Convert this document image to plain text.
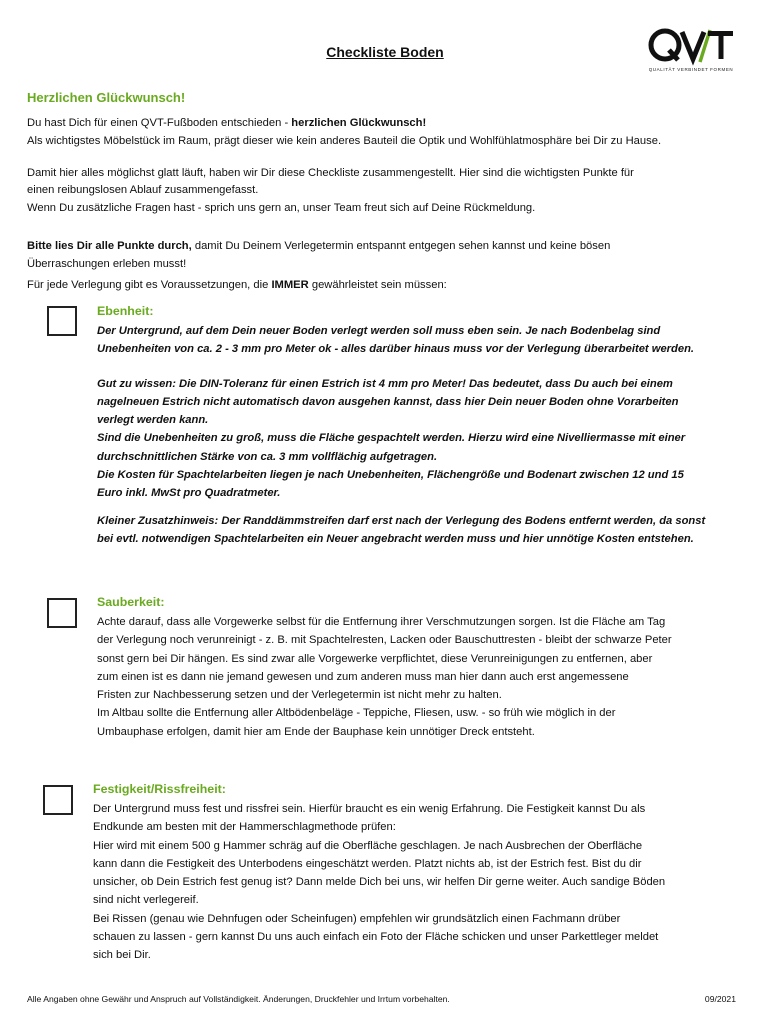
Checkliste Boden
QUALITÄT VERBINDET FORMEN
Herzlichen Glückwunsch!
Du hast Dich für einen QVT-Fußboden entschieden - herzlichen Glückwunsch!
Als wichtigstes Möbelstück im Raum, prägt dieser wie kein anderes Bauteil die Optik und Wohlfühlatmosphäre bei Dir zu Hause.
Damit hier alles möglichst glatt läuft, haben wir Dir diese Checkliste zusammengestellt. Hier sind die wichtigsten Punkte für
einen reibungslosen Ablauf zusammengefasst.
Wenn Du zusätzliche Fragen hast - sprich uns gern an, unser Team freut sich auf Deine Rückmeldung.
Bitte lies Dir alle Punkte durch, damit Du Deinem Verlegetermin entspannt entgegen sehen kannst und keine bösen
Überraschungen erleben musst!
Für jede Verlegung gibt es Voraussetzungen, die IMMER gewährleistet sein müssen:
Ebenheit:
Der Untergrund, auf dem Dein neuer Boden verlegt werden soll muss eben sein. Je nach Bodenbelag sind
Unebenheiten von ca. 2 - 3 mm pro Meter ok - alles darüber hinaus muss vor der Verlegung überarbeitet werden.
Gut zu wissen: Die DIN-Toleranz für einen Estrich ist 4 mm pro Meter! Das bedeutet, dass Du auch bei einem
nagelneuen Estrich nicht automatisch davon ausgehen kannst, dass hier Dein neuer Boden ohne Vorarbeiten
verlegt werden kann.
Sind die Unebenheiten zu groß, muss die Fläche gespachtelt werden. Hierzu wird eine Nivelliermasse mit einer
durchschnittlichen Stärke von ca. 3 mm vollflächig aufgetragen.
Die Kosten für Spachtelarbeiten liegen je nach Unebenheiten, Flächengröße und Bodenart zwischen 12 und 15
Euro inkl. MwSt pro Quadratmeter.
Kleiner Zusatzhinweis: Der Randdämmstreifen darf erst nach der Verlegung des Bodens entfernt werden, da sonst
bei evtl. notwendigen Spachtelarbeiten ein Neuer angebracht werden muss und hier unnötige Kosten entstehen.
Sauberkeit:
Achte darauf, dass alle Vorgewerke selbst für die Entfernung ihrer Verschmutzungen sorgen. Ist die Fläche am Tag
der Verlegung noch verunreinigt - z. B. mit Spachtelresten, Lacken oder Bauschuttresten - bleibt der schwarze Peter
sonst gern bei Dir hängen. Es sind zwar alle Vorgewerke verpflichtet, diese Verunreinigungen zu entfernen, aber
zum einen ist es dann nie jemand gewesen und zum anderen muss man hier dann auch erst angemessene
Fristen zur Nachbesserung setzen und der Verlegetermin ist nicht mehr zu halten.
Im Altbau sollte die Entfernung aller Altbödenbeläge - Teppiche, Fliesen, usw. - so früh wie möglich in der
Umbauphase erfolgen, damit hier am Ende der Bauphase kein unnötiger Dreck entsteht.
Festigkeit/Rissfreiheit:
Der Untergrund muss fest und rissfrei sein. Hierfür braucht es ein wenig Erfahrung. Die Festigkeit kannst Du als
Endkunde am besten mit der Hammerschlagmethode prüfen:
Hier wird mit einem 500 g Hammer schräg auf die Oberfläche geschlagen. Je nach Ausbrechen der Oberfläche
kann dann die Festigkeit des Unterbodens eingeschätzt werden. Platzt nichts ab, ist der Estrich fest. Bist du dir
unsicher, ob Dein Estrich fest genug ist? Dann melde Dich bei uns, wir helfen Dir gerne weiter. Auch sandige Böden
sind nicht verlegereif.
Bei Rissen (genau wie Dehnfugen oder Scheinfugen) empfehlen wir grundsätzlich einen Fachmann drüber
schauen zu lassen - gern kannst Du uns auch einfach ein Foto der Fläche schicken und unser Parkettleger meldet
sich bei Dir.
Alle Angaben ohne Gewähr und Anspruch auf Vollständigkeit. Änderungen, Druckfehler und Irrtum vorbehalten.	09/2021
